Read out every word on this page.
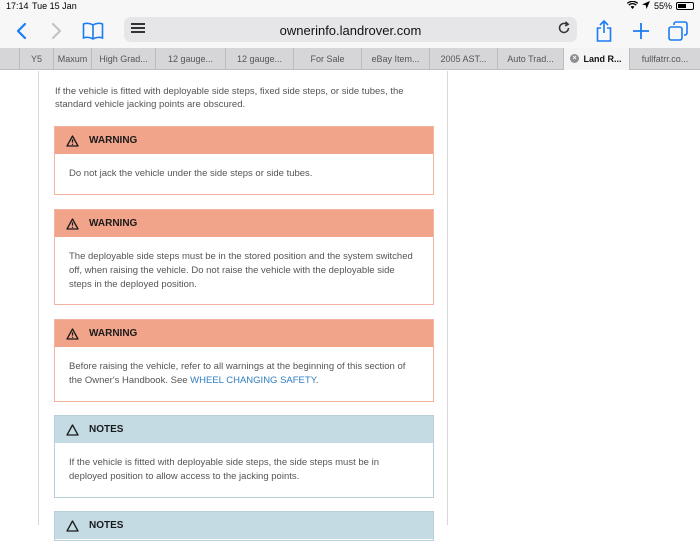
17:14 Tue 15 Jan	55%
ownerinfo.landrover.com
Y5	Maxum	High Grad...	12 gauge...	12 gauge...	For Sale	eBay Item...	2005 AST...	Auto Trad...	× Land R...	fullfatrr.co...

If the vehicle is fitted with deployable side steps, fixed side steps, or side tubes, the standard vehicle jacking points are obscured.

WARNING
Do not jack the vehicle under the side steps or side tubes.
WARNING
The deployable side steps must be in the stored position and the system switched off, when raising the vehicle. Do not raise the vehicle with the deployable side steps in the deployed position.
WARNING
Before raising the vehicle, refer to all warnings at the beginning of this section of the Owner's Handbook. See WHEEL CHANGING SAFETY.
NOTES
If the vehicle is fitted with deployable side steps, the side steps must be in deployed position to allow access to the jacking points.
NOTES
